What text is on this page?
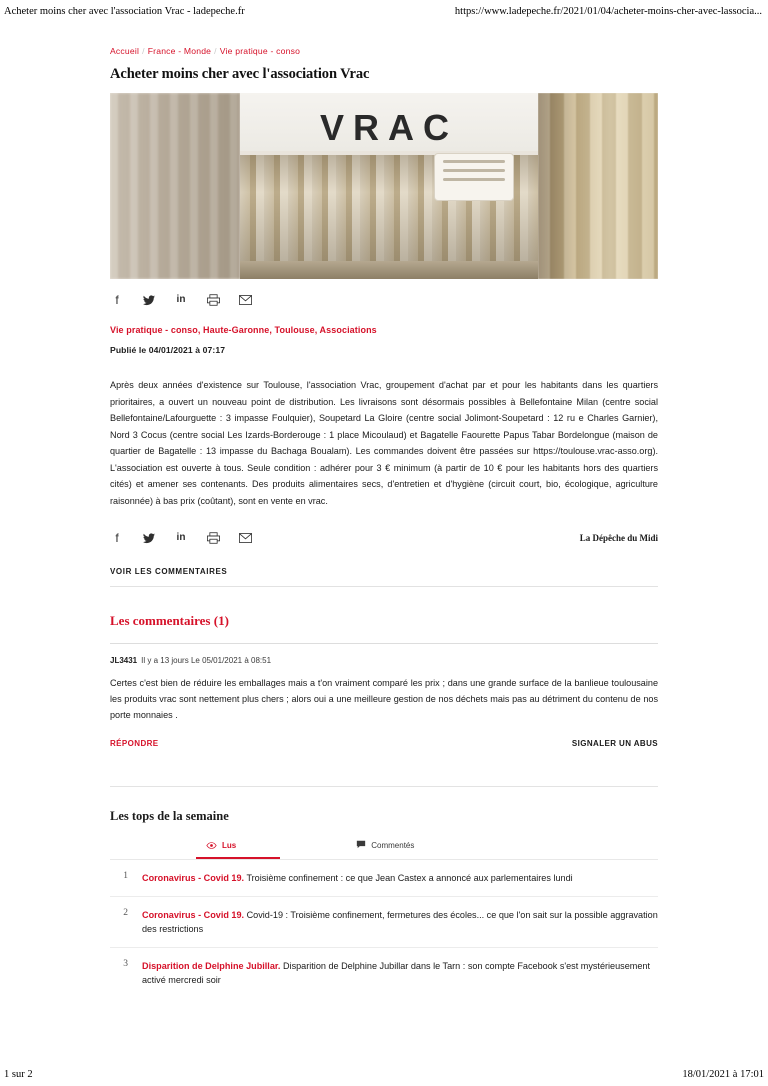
Acheter moins cher avec l'association Vrac - ladepeche.fr	https://www.ladepeche.fr/2021/01/04/acheter-moins-cher-avec-lassocia...
Accueil / France - Monde / Vie pratique - conso
Acheter moins cher avec l'association Vrac
VRAC
f	in
Vie pratique - conso, Haute-Garonne, Toulouse, Associations
Publié le 04/01/2021 à 07:17
Après deux années d'existence sur Toulouse, l'association Vrac, groupement d'achat par et pour les habitants dans les quartiers prioritaires, a ouvert un nouveau point de distribution. Les livraisons sont désormais possibles à Bellefontaine Milan (centre social Bellefontaine/Lafourguette : 3 impasse Foulquier), Soupetard La Gloire (centre social Jolimont-Soupetard : 12 ru e Charles Garnier), Nord 3 Cocus (centre social Les Izards-Borderouge : 1 place Micoulaud) et Bagatelle Faourette Papus Tabar Bordelongue (maison de quartier de Bagatelle : 13 impasse du Bachaga Boualam). Les commandes doivent être passées sur https://toulouse.vrac-asso.org). L'association est ouverte à tous. Seule condition : adhérer pour 3 € minimum (à partir de 10 € pour les habitants hors des quartiers cités) et amener ses contenants. Des produits alimentaires secs, d'entretien et d'hygiène (circuit court, bio, écologique, agriculture raisonnée) à bas prix (coûtant), sont en vente en vrac.
f	in	La Dépêche du Midi
VOIR LES COMMENTAIRES
Les commentaires (1)
JL3431 Il y a 13 jours Le 05/01/2021 à 08:51
Certes c'est bien de réduire les emballages mais a t'on vraiment comparé les prix ; dans une grande surface de la banlieue toulousaine les produits vrac sont nettement plus chers ; alors oui a une meilleure gestion de nos déchets mais pas au détriment du contenu de nos porte monnaies .
RÉPONDRE	SIGNALER UN ABUS
Les tops de la semaine
Lus	Commentés
1 Coronavirus - Covid 19. Troisième confinement : ce que Jean Castex a annoncé aux parlementaires lundi
2 Coronavirus - Covid 19. Covid-19 : Troisième confinement, fermetures des écoles... ce que l'on sait sur la possible aggravation des restrictions
3 Disparition de Delphine Jubillar. Disparition de Delphine Jubillar dans le Tarn : son compte Facebook s'est mystérieusement activé mercredi soir
1 sur 2	18/01/2021 à 17:01
